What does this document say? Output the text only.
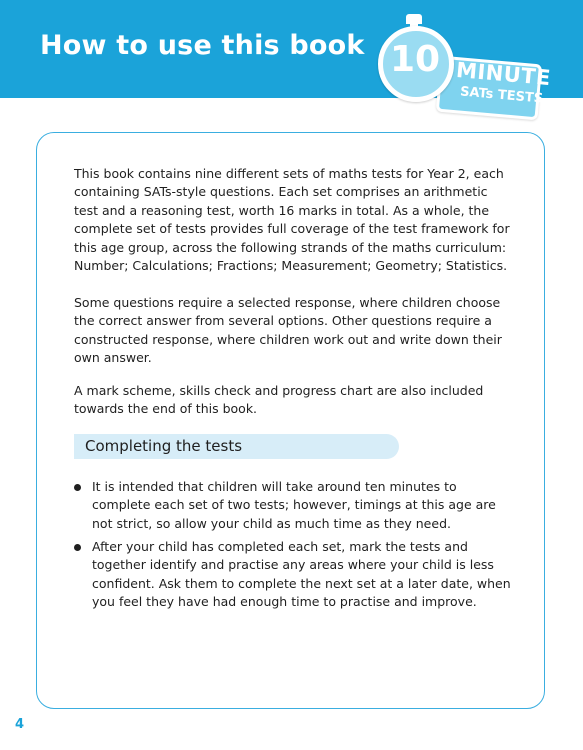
How to use this book
MINUTE
SATs TESTS
10

This book contains nine different sets of maths tests for Year 2, each containing SATs-style questions. Each set comprises an arithmetic test and a reasoning test, worth 16 marks in total. As a whole, the complete set of tests provides full coverage of the test framework for this age group, across the following strands of the maths curriculum: Number; Calculations; Fractions; Measurement; Geometry; Statistics.

Some questions require a selected response, where children choose the correct answer from several options. Other questions require a constructed response, where children work out and write down their own answer.

A mark scheme, skills check and progress chart are also included towards the end of this book.

Completing the tests

It is intended that children will take around ten minutes to complete each set of two tests; however, timings at this age are not strict, so allow your child as much time as they need.

After your child has completed each set, mark the tests and together identify and practise any areas where your child is less confident. Ask them to complete the next set at a later date, when you feel they have had enough time to practise and improve.

4
